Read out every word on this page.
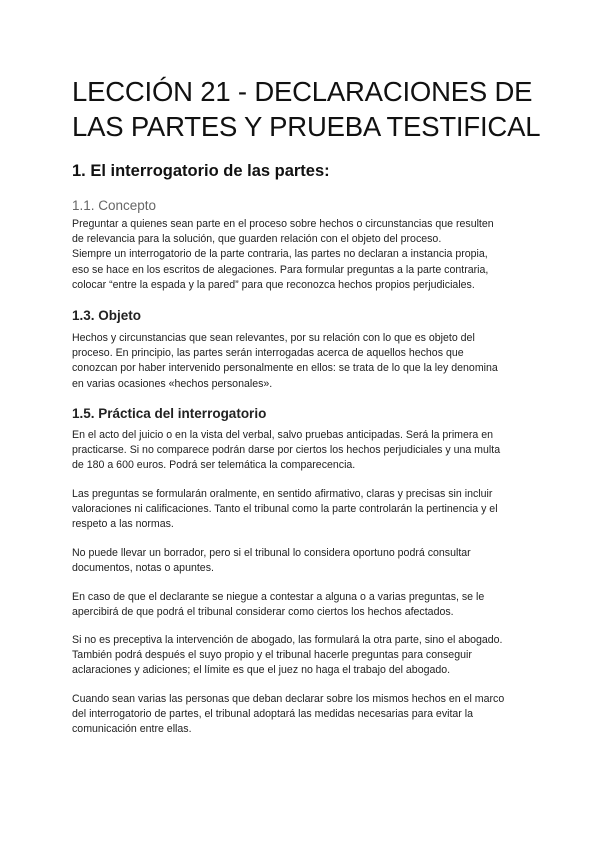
LECCIÓN 21 - DECLARACIONES DE
LAS PARTES Y PRUEBA TESTIFICAL
1. El interrogatorio de las partes:
1.1. Concepto

Preguntar a quienes sean parte en el proceso sobre hechos o circunstancias que resulten
de relevancia para la solución, que guarden relación con el objeto del proceso.
Siempre un interrogatorio de la parte contraria, las partes no declaran a instancia propia,
eso se hace en los escritos de alegaciones. Para formular preguntas a la parte contraria,
colocar “entre la espada y la pared” para que reconozca hechos propios perjudiciales.

1.3. Objeto

Hechos y circunstancias que sean relevantes, por su relación con lo que es objeto del
proceso. En principio, las partes serán interrogadas acerca de aquellos hechos que
conozcan por haber intervenido personalmente en ellos: se trata de lo que la ley denomina
en varias ocasiones «hechos personales».

1.5. Práctica del interrogatorio

En el acto del juicio o en la vista del verbal, salvo pruebas anticipadas. Será la primera en
practicarse. Si no comparece podrán darse por ciertos los hechos perjudiciales y una multa
de 180 a 600 euros. Podrá ser telemática la comparecencia.

Las preguntas se formularán oralmente, en sentido afirmativo, claras y precisas sin incluir
valoraciones ni calificaciones. Tanto el tribunal como la parte controlarán la pertinencia y el
respeto a las normas.

No puede llevar un borrador, pero si el tribunal lo considera oportuno podrá consultar
documentos, notas o apuntes.

En caso de que el declarante se niegue a contestar a alguna o a varias preguntas, se le
apercibirá de que podrá el tribunal considerar como ciertos los hechos afectados.

Si no es preceptiva la intervención de abogado, las formulará la otra parte, sino el abogado.
También podrá después el suyo propio y el tribunal hacerle preguntas para conseguir
aclaraciones y adiciones; el límite es que el juez no haga el trabajo del abogado.

Cuando sean varias las personas que deban declarar sobre los mismos hechos en el marco
del interrogatorio de partes, el tribunal adoptará las medidas necesarias para evitar la
comunicación entre ellas.
